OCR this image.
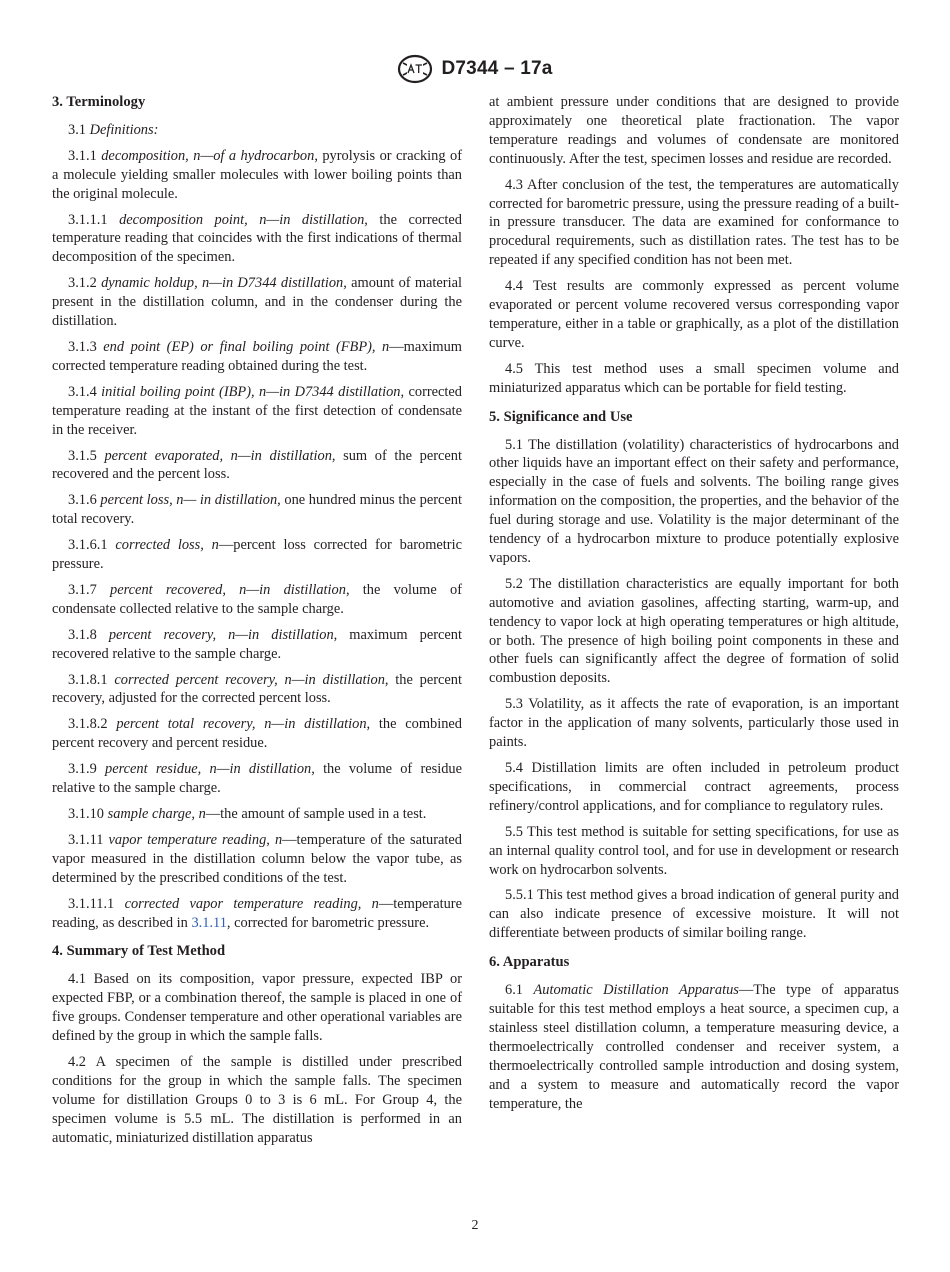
D7344 – 17a
3. Terminology

3.1 Definitions:

3.1.1 decomposition, n—of a hydrocarbon, pyrolysis or cracking of a molecule yielding smaller molecules with lower boiling points than the original molecule.

3.1.1.1 decomposition point, n—in distillation, the corrected temperature reading that coincides with the first indications of thermal decomposition of the specimen.

3.1.2 dynamic holdup, n—in D7344 distillation, amount of material present in the distillation column, and in the condenser during the distillation.

3.1.3 end point (EP) or final boiling point (FBP), n—maximum corrected temperature reading obtained during the test.

3.1.4 initial boiling point (IBP), n—in D7344 distillation, corrected temperature reading at the instant of the first detection of condensate in the receiver.

3.1.5 percent evaporated, n—in distillation, sum of the percent recovered and the percent loss.

3.1.6 percent loss, n— in distillation, one hundred minus the percent total recovery.

3.1.6.1 corrected loss, n—percent loss corrected for barometric pressure.

3.1.7 percent recovered, n—in distillation, the volume of condensate collected relative to the sample charge.

3.1.8 percent recovery, n—in distillation, maximum percent recovered relative to the sample charge.

3.1.8.1 corrected percent recovery, n—in distillation, the percent recovery, adjusted for the corrected percent loss.

3.1.8.2 percent total recovery, n—in distillation, the combined percent recovery and percent residue.

3.1.9 percent residue, n—in distillation, the volume of residue relative to the sample charge.

3.1.10 sample charge, n—the amount of sample used in a test.

3.1.11 vapor temperature reading, n—temperature of the saturated vapor measured in the distillation column below the vapor tube, as determined by the prescribed conditions of the test.

3.1.11.1 corrected vapor temperature reading, n—temperature reading, as described in 3.1.11, corrected for barometric pressure.

4. Summary of Test Method

4.1 Based on its composition, vapor pressure, expected IBP or expected FBP, or a combination thereof, the sample is placed in one of five groups. Condenser temperature and other operational variables are defined by the group in which the sample falls.

4.2 A specimen of the sample is distilled under prescribed conditions for the group in which the sample falls. The specimen volume for distillation Groups 0 to 3 is 6 mL. For Group 4, the specimen volume is 5.5 mL. The distillation is performed in an automatic, miniaturized distillation apparatus

at ambient pressure under conditions that are designed to provide approximately one theoretical plate fractionation. The vapor temperature readings and volumes of condensate are monitored continuously. After the test, specimen losses and residue are recorded.

4.3 After conclusion of the test, the temperatures are automatically corrected for barometric pressure, using the pressure reading of a built-in pressure transducer. The data are examined for conformance to procedural requirements, such as distillation rates. The test has to be repeated if any specified condition has not been met.

4.4 Test results are commonly expressed as percent volume evaporated or percent volume recovered versus corresponding vapor temperature, either in a table or graphically, as a plot of the distillation curve.

4.5 This test method uses a small specimen volume and miniaturized apparatus which can be portable for field testing.

5. Significance and Use

5.1 The distillation (volatility) characteristics of hydrocarbons and other liquids have an important effect on their safety and performance, especially in the case of fuels and solvents. The boiling range gives information on the composition, the properties, and the behavior of the fuel during storage and use. Volatility is the major determinant of the tendency of a hydrocarbon mixture to produce potentially explosive vapors.

5.2 The distillation characteristics are equally important for both automotive and aviation gasolines, affecting starting, warm-up, and tendency to vapor lock at high operating temperatures or high altitude, or both. The presence of high boiling point components in these and other fuels can significantly affect the degree of formation of solid combustion deposits.

5.3 Volatility, as it affects the rate of evaporation, is an important factor in the application of many solvents, particularly those used in paints.

5.4 Distillation limits are often included in petroleum product specifications, in commercial contract agreements, process refinery/control applications, and for compliance to regulatory rules.

5.5 This test method is suitable for setting specifications, for use as an internal quality control tool, and for use in development or research work on hydrocarbon solvents.

5.5.1 This test method gives a broad indication of general purity and can also indicate presence of excessive moisture. It will not differentiate between products of similar boiling range.

6. Apparatus

6.1 Automatic Distillation Apparatus—The type of apparatus suitable for this test method employs a heat source, a specimen cup, a stainless steel distillation column, a temperature measuring device, a thermoelectrically controlled condenser and receiver system, a thermoelectrically controlled sample introduction and dosing system, and a system to measure and automatically record the vapor temperature, the

2
